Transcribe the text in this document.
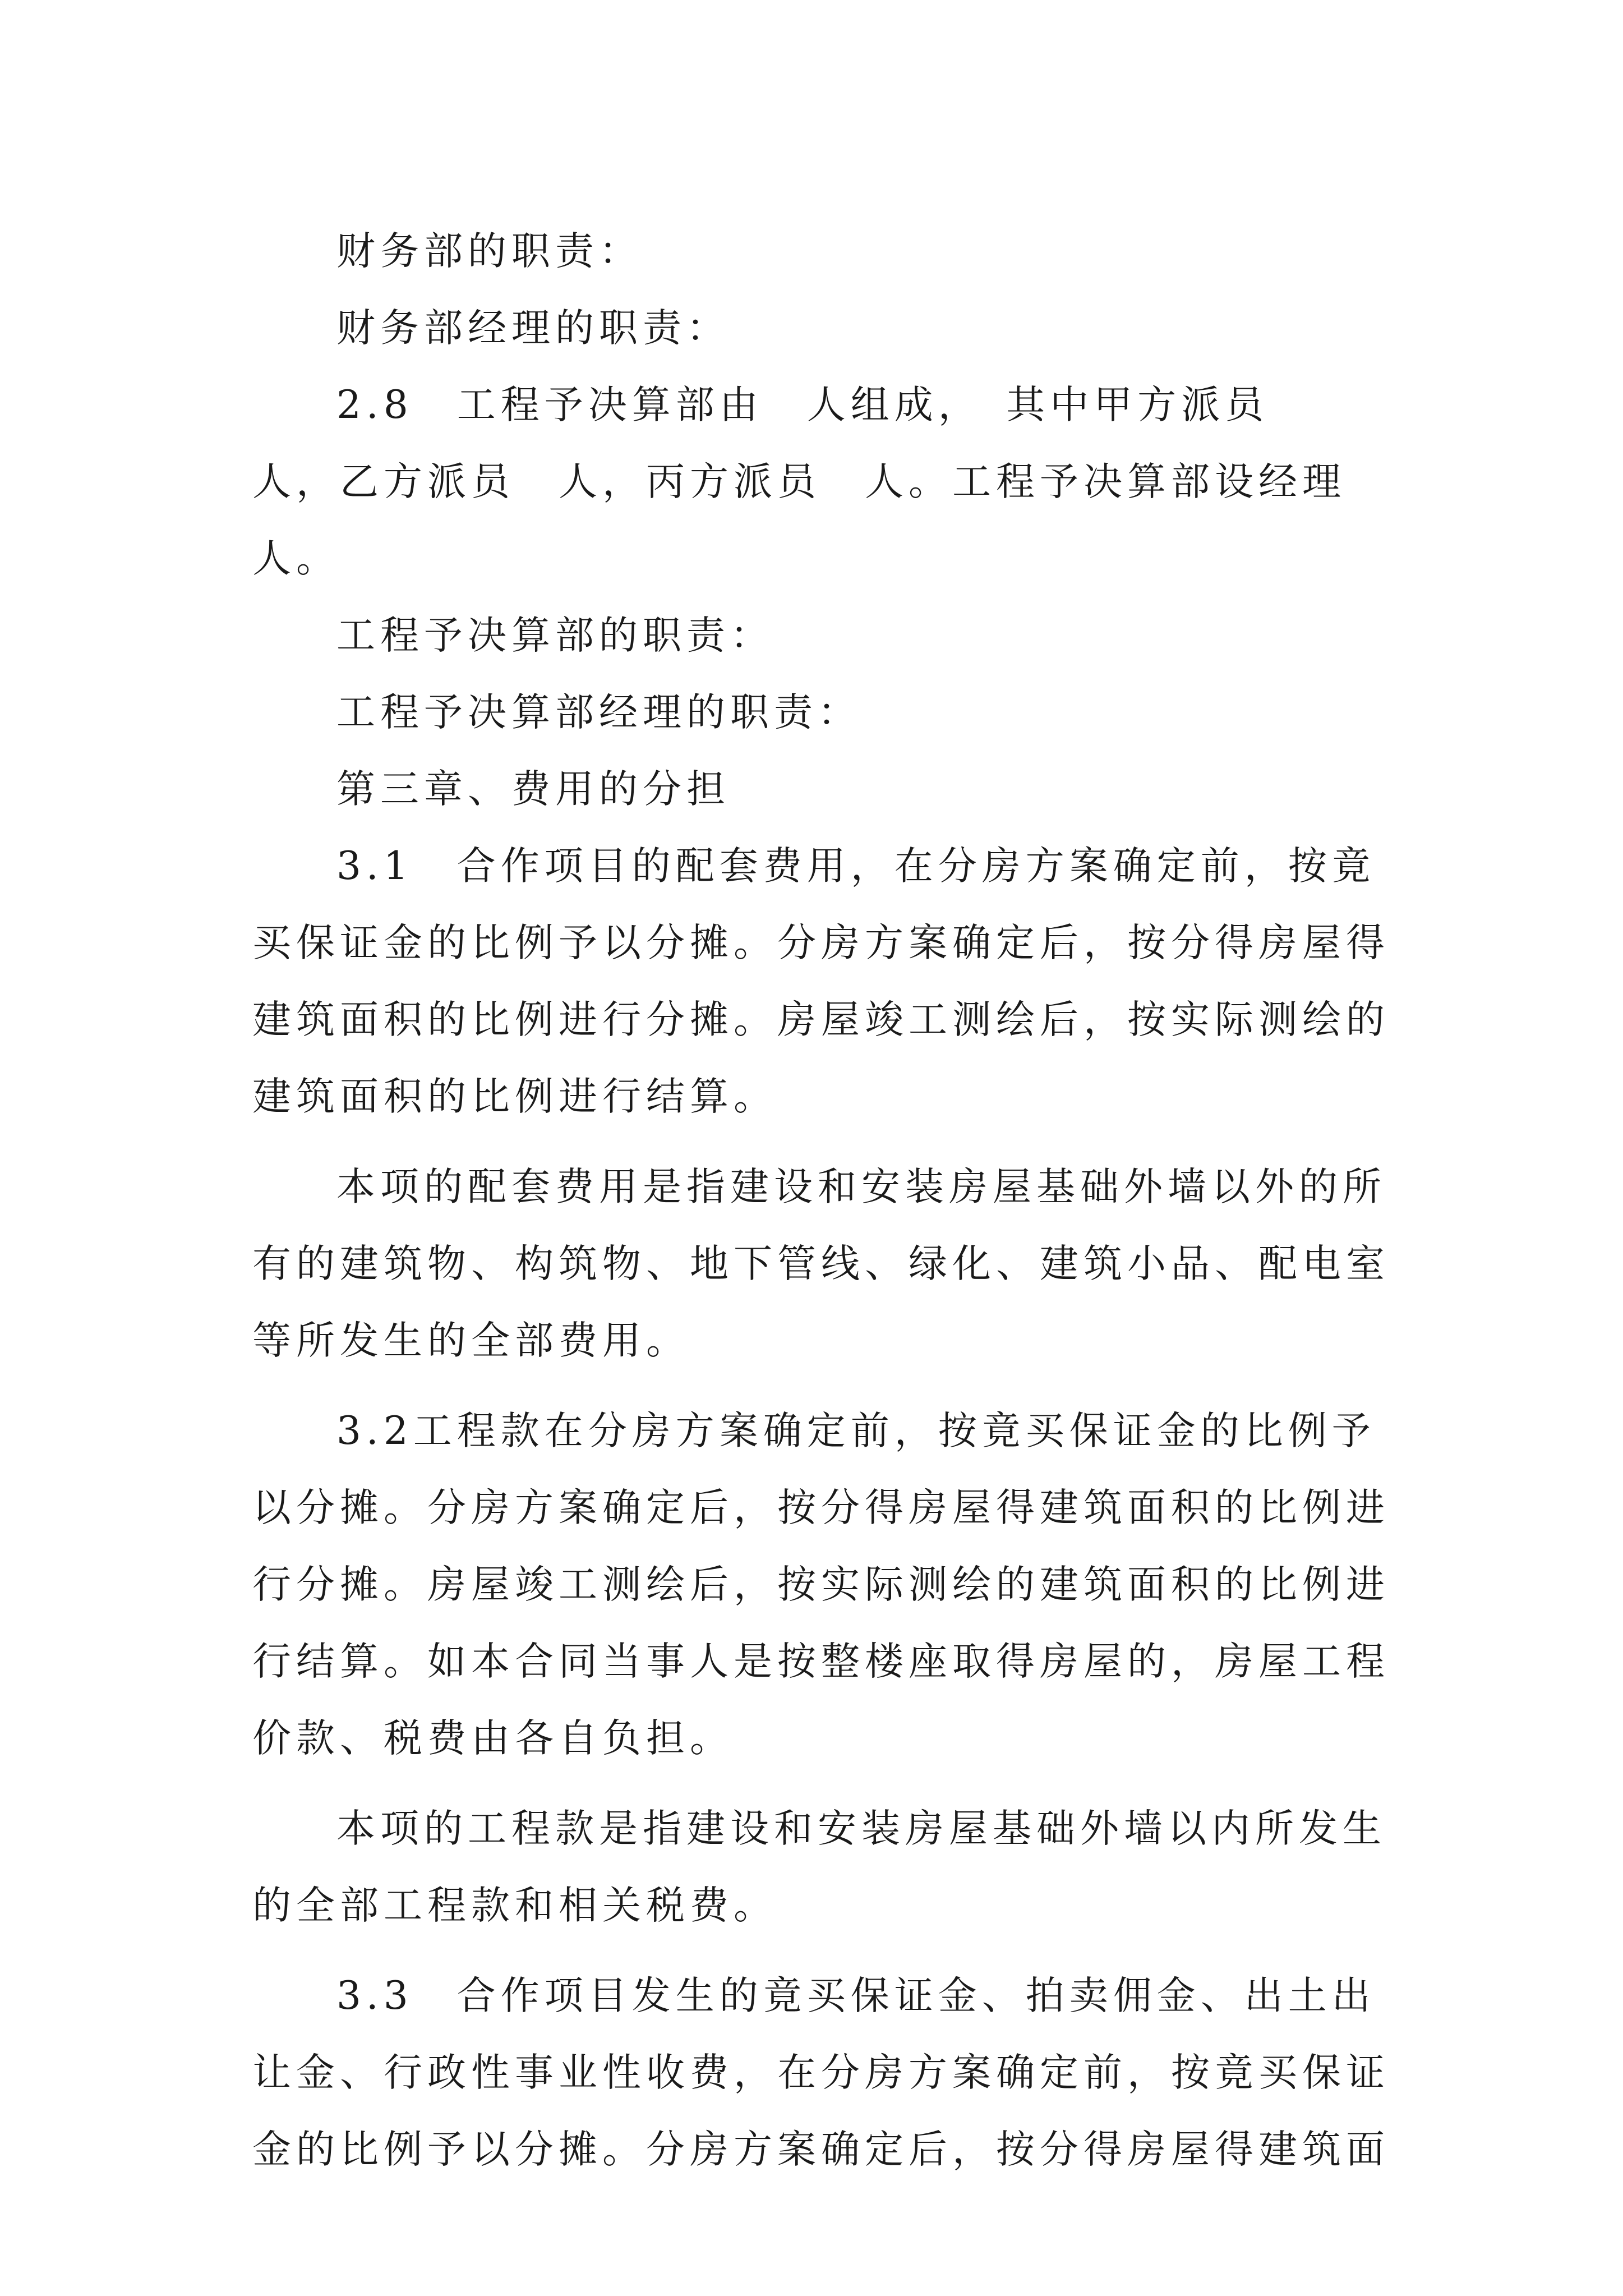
财务部的职责：

财务部经理的职责：

2.8　工程予决算部由　人组成，　其中甲方派员　人，乙方派员　人，丙方派员　人。工程予决算部设经理　人。

工程予决算部的职责：

工程予决算部经理的职责：

第三章、费用的分担

3.1　合作项目的配套费用，在分房方案确定前，按竟买保证金的比例予以分摊。分房方案确定后，按分得房屋得建筑面积的比例进行分摊。房屋竣工测绘后，按实际测绘的建筑面积的比例进行结算。

本项的配套费用是指建设和安装房屋基础外墙以外的所有的建筑物、构筑物、地下管线、绿化、建筑小品、配电室等所发生的全部费用。

3.2工程款在分房方案确定前，按竟买保证金的比例予以分摊。分房方案确定后，按分得房屋得建筑面积的比例进行分摊。房屋竣工测绘后，按实际测绘的建筑面积的比例进行结算。如本合同当事人是按整楼座取得房屋的，房屋工程价款、税费由各自负担。

本项的工程款是指建设和安装房屋基础外墙以内所发生的全部工程款和相关税费。

3.3　合作项目发生的竟买保证金、拍卖佣金、出土出让金、行政性事业性收费，在分房方案确定前，按竟买保证金的比例予以分摊。分房方案确定后，按分得房屋得建筑面
